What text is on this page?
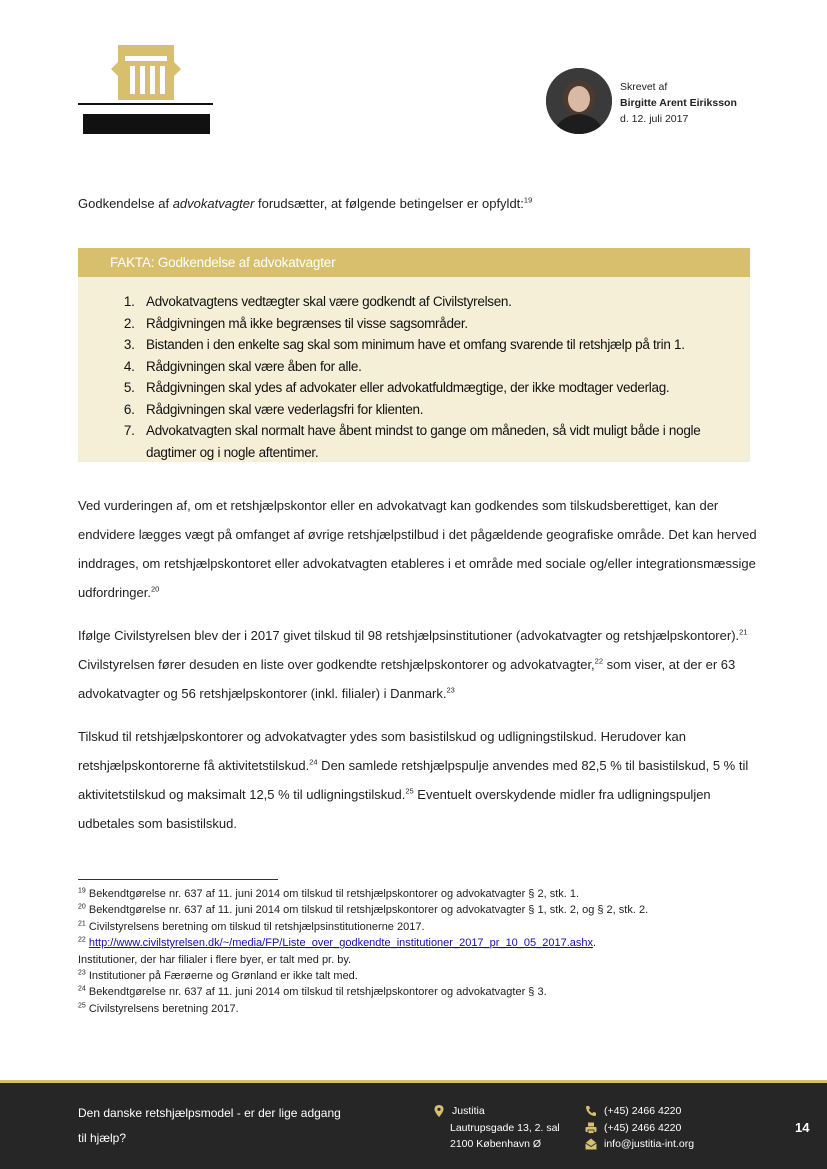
Skrevet af
Birgitte Arent Eiriksson
d. 12. juli 2017
Godkendelse af advokatvagter forudsætter, at følgende betingelser er opfyldt:$^{19}$
FAKTA: Godkendelse af advokatvagter
1. Advokatvagtens vedtægter skal være godkendt af Civilstyrelsen.
2. Rådgivningen må ikke begrænses til visse sagsområder.
3. Bistanden i den enkelte sag skal som minimum have et omfang svarende til retshjælp på trin 1.
4. Rådgivningen skal være åben for alle.
5. Rådgivningen skal ydes af advokater eller advokatfuldmægtige, der ikke modtager vederlag.
6. Rådgivningen skal være vederlagsfri for klienten.
7. Advokatvagten skal normalt have åbent mindst to gange om måneden, så vidt muligt både i nogle dagtimer og i nogle aftentimer.
Ved vurderingen af, om et retshjælpskontor eller en advokatvagt kan godkendes som tilskudsberettiget, kan der endvidere lægges vægt på omfanget af øvrige retshjælpstilbud i det pågældende geografiske område. Det kan herved inddrages, om retshjælpskontoret eller advokatvagten etableres i et område med sociale og/eller integrationsmæssige udfordringer.$^{20}$
Ifølge Civilstyrelsen blev der i 2017 givet tilskud til 98 retshjælpsinstitutioner (advokatvagter og retshjælpskontorer).$^{21}$ Civilstyrelsen fører desuden en liste over godkendte retshjælpskontorer og advokatvagter,$^{22}$ som viser, at der er 63 advokatvagter og 56 retshjælpskontorer (inkl. filialer) i Danmark.$^{23}$
Tilskud til retshjælpskontorer og advokatvagter ydes som basistilskud og udligningstilskud. Herudover kan retshjælpskontorerne få aktivitetstilskud.$^{24}$ Den samlede retshjælpspulje anvendes med 82,5 % til basistilskud, 5 % til aktivitetstilskud og maksimalt 12,5 % til udligningstilskud.$^{25}$ Eventuelt overskydende midler fra udligningspuljen udbetales som basistilskud.
$^{19}$ Bekendtgørelse nr. 637 af 11. juni 2014 om tilskud til retshjælpskontorer og advokatvagter § 2, stk. 1.
$^{20}$ Bekendtgørelse nr. 637 af 11. juni 2014 om tilskud til retshjælpskontorer og advokatvagter § 1, stk. 2, og § 2, stk. 2.
$^{21}$ Civilstyrelsens beretning om tilskud til retshjælpsinstitutionerne 2017.
$^{22}$ http://www.civilstyrelsen.dk/~/media/FP/Liste_over_godkendte_institutioner_2017_pr_10_05_2017.ashx.
Institutioner, der har filialer i flere byer, er talt med pr. by.
$^{23}$ Institutioner på Færøerne og Grønland er ikke talt med.
$^{24}$ Bekendtgørelse nr. 637 af 11. juni 2014 om tilskud til retshjælpskontorer og advokatvagter § 3.
$^{25}$ Civilstyrelsens beretning 2017.
Den danske retshjælpsmodel - er der lige adgang
til hjælp?
Justitia
Lautrupsgade 13, 2. sal
2100 København Ø
(+45) 2466 4220
(+45) 2466 4220
info@justitia-int.org
14
